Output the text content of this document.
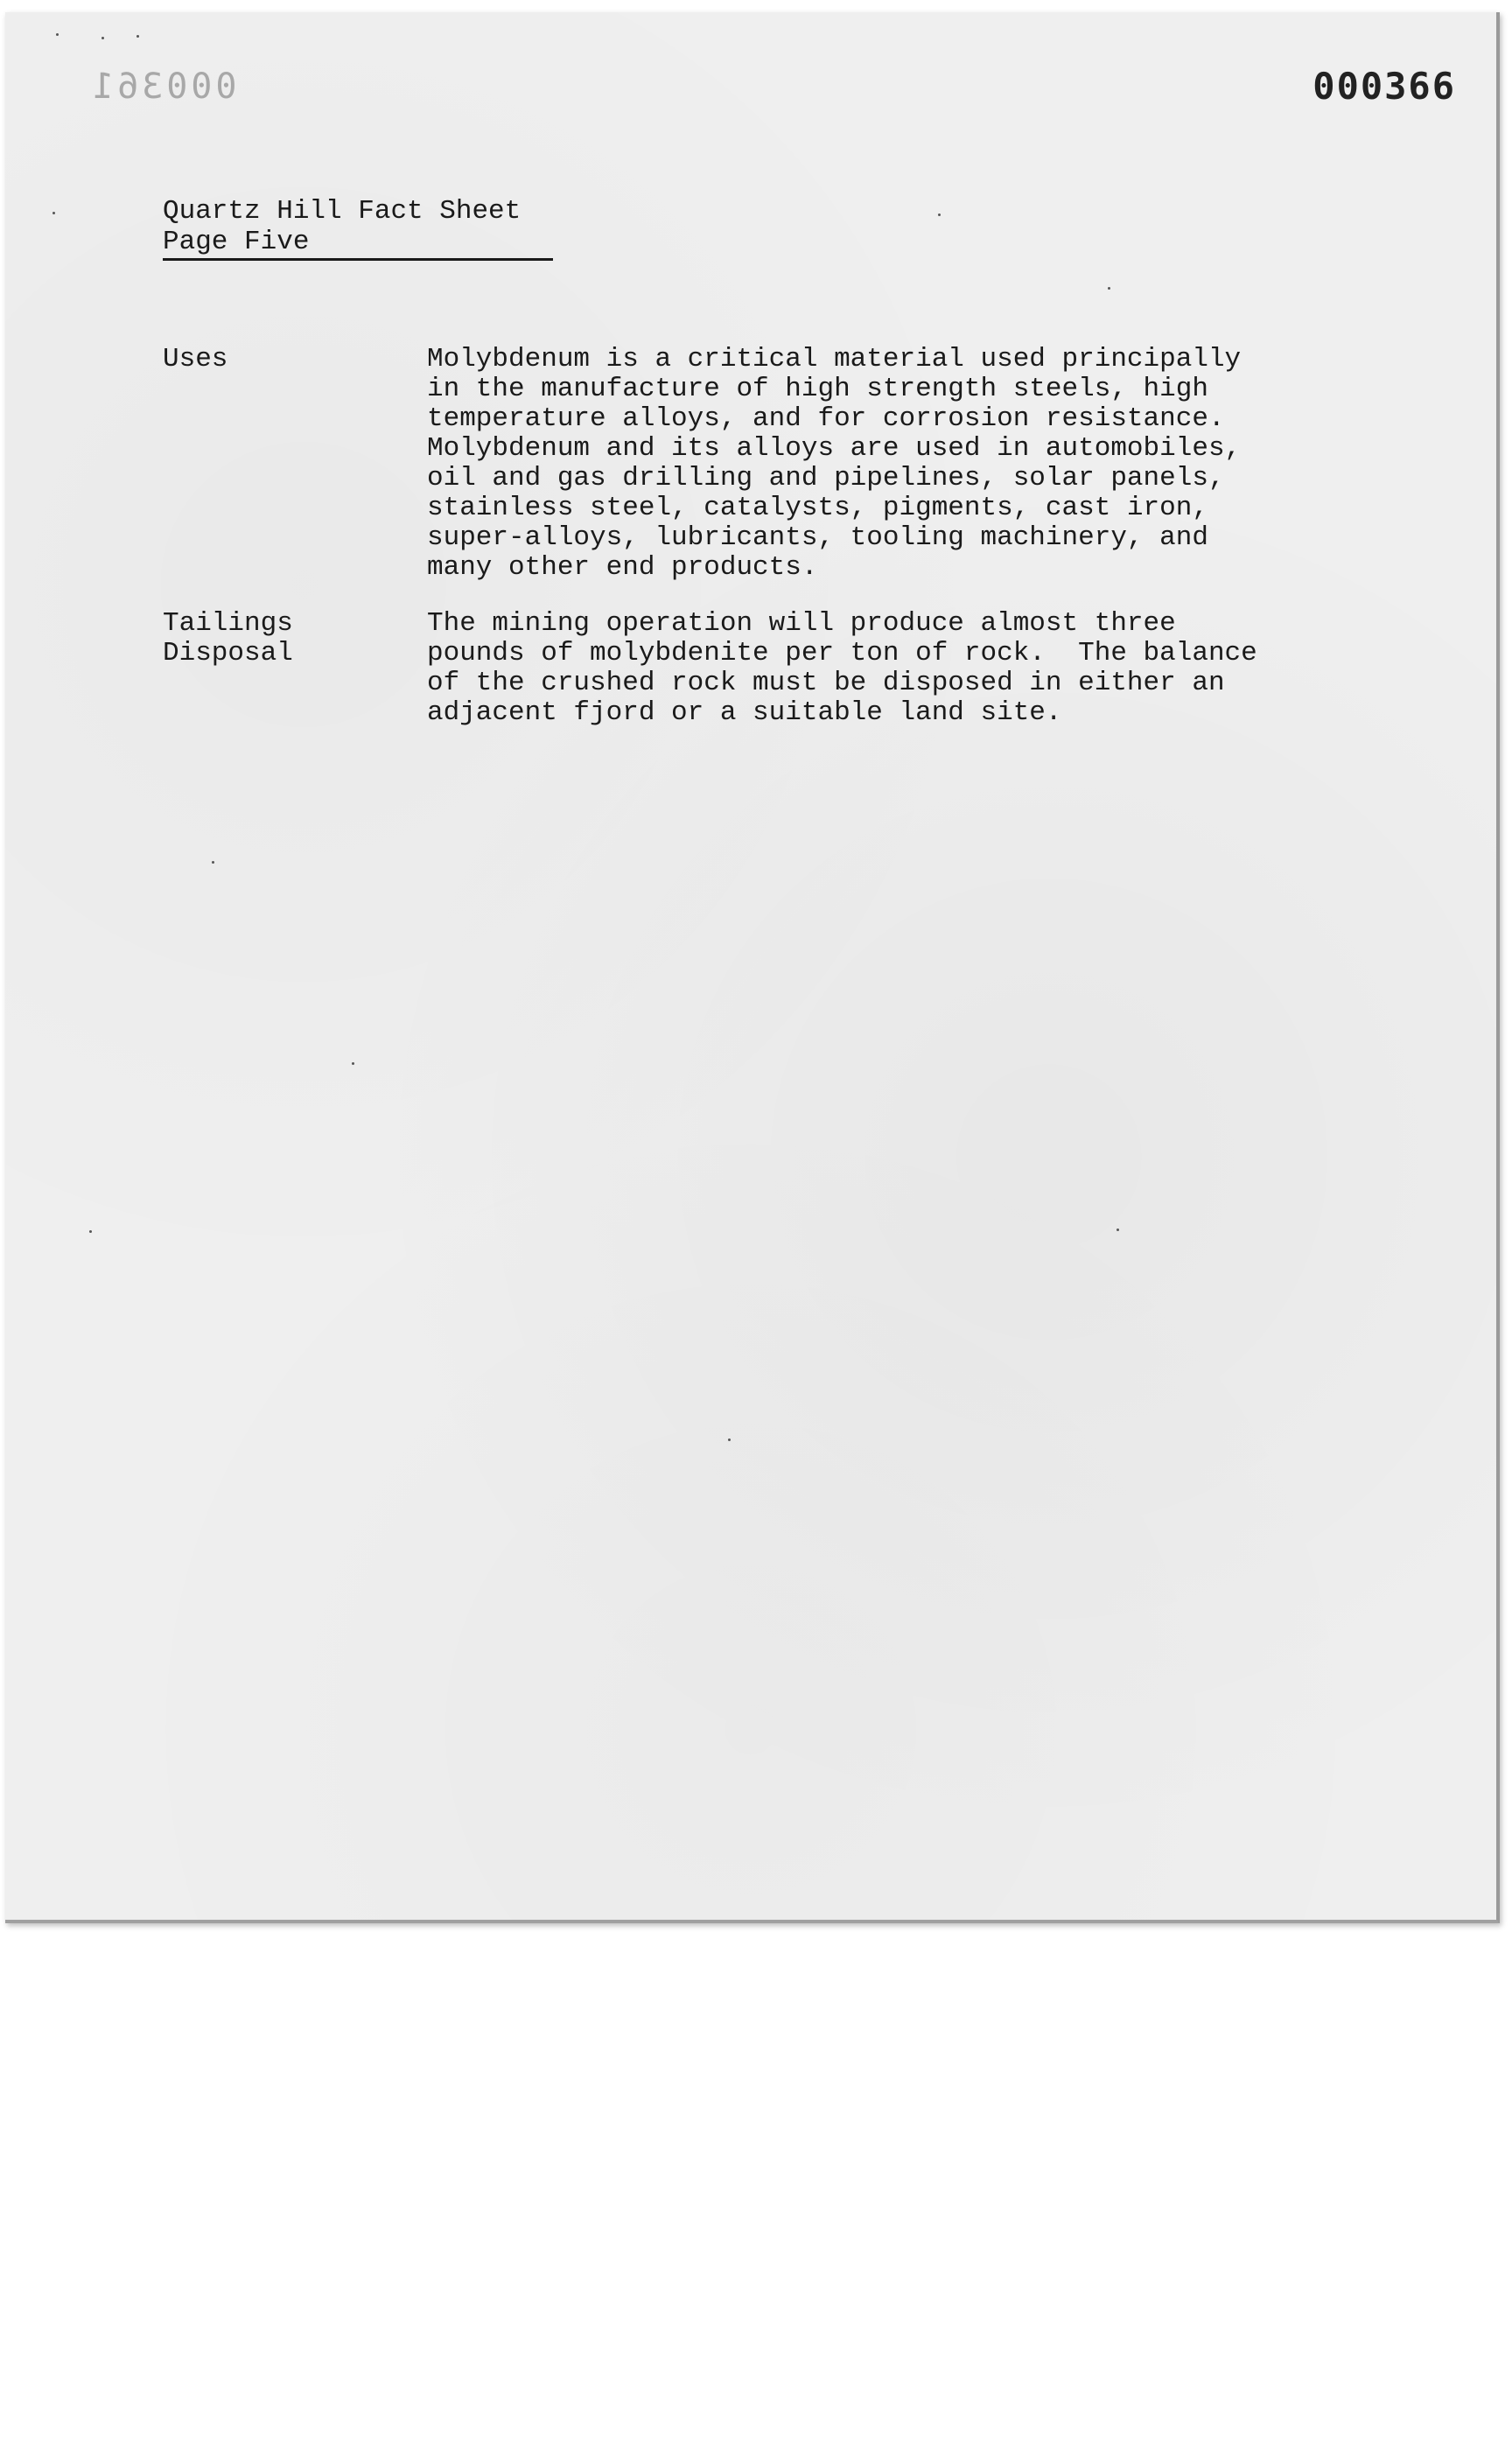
000361	000366
Quartz Hill Fact Sheet
Page Five
Uses	Molybdenum is a critical material used principally
in the manufacture of high strength steels, high
temperature alloys, and for corrosion resistance.
Molybdenum and its alloys are used in automobiles,
oil and gas drilling and pipelines, solar panels,
stainless steel, catalysts, pigments, cast iron,
super-alloys, lubricants, tooling machinery, and
many other end products.
Tailings
Disposal
The mining operation will produce almost three
pounds of molybdenite per ton of rock.  The balance
of the crushed rock must be disposed in either an
adjacent fjord or a suitable land site.
